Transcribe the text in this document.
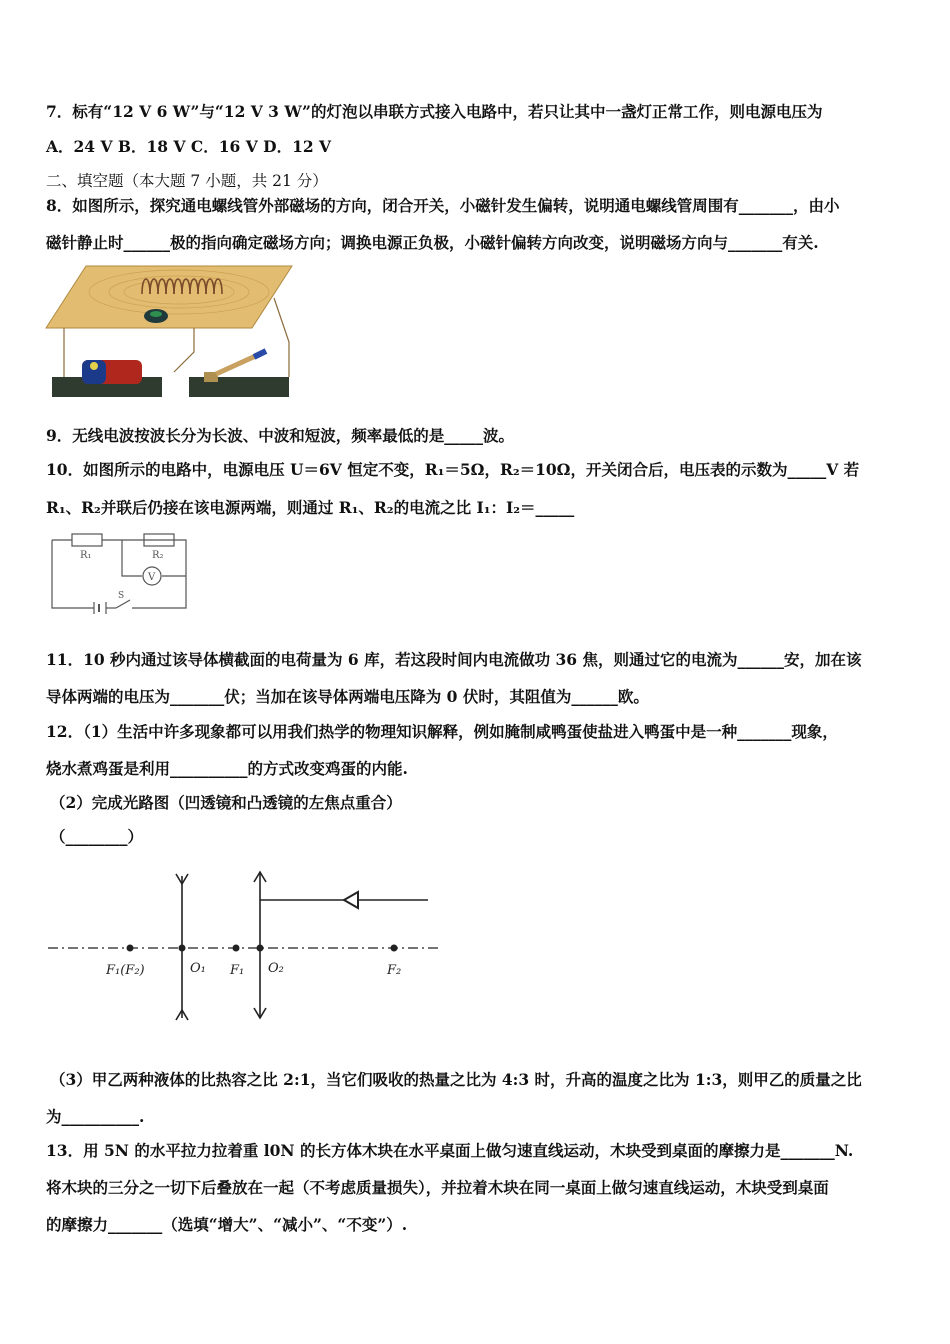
7．标有“12 V 6 W”与“12 V 3 W”的灯泡以串联方式接入电路中，若只让其中一盏灯正常工作，则电源电压为
A．24 V B．18 V C．16 V D．12 V
二、填空题（本大题 7 小题，共 21 分）
8．如图所示，探究通电螺线管外部磁场的方向，闭合开关，小磁针发生偏转，说明通电螺线管周围有_______，由小
磁针静止时______极的指向确定磁场方向；调换电源正负极，小磁针偏转方向改变，说明磁场方向与_______有关.
9．无线电波按波长分为长波、中波和短波，频率最低的是_____波。
10．如图所示的电路中，电源电压 U＝6V 恒定不变，R₁＝5Ω，R₂＝10Ω，开关闭合后，电压表的示数为_____V 若
R₁、R₂并联后仍接在该电源两端，则通过 R₁、R₂的电流之比 I₁：I₂＝_____
R₁	R₂
V
S
11．10 秒内通过该导体横截面的电荷量为 6 库，若这段时间内电流做功 36 焦，则通过它的电流为______安，加在该
导体两端的电压为_______伏；当加在该导体两端电压降为 0 伏时，其阻值为______欧。
12．（1）生活中许多现象都可以用我们热学的物理知识解释，例如腌制咸鸭蛋使盐进入鸭蛋中是一种_______现象，
烧水煮鸡蛋是利用__________的方式改变鸡蛋的内能.
（2）完成光路图（凹透镜和凸透镜的左焦点重合）
（________）
F₁(F₂)	O₁ F₁ O₂	F₂
（3）甲乙两种液体的比热容之比 2:1，当它们吸收的热量之比为 4:3 时，升高的温度之比为 1:3，则甲乙的质量之比
为__________.
13．用 5N 的水平拉力拉着重 l0N 的长方体木块在水平桌面上做匀速直线运动，木块受到桌面的摩擦力是_______N.
将木块的三分之一切下后叠放在一起（不考虑质量损失），并拉着木块在同一桌面上做匀速直线运动，木块受到桌面
的摩擦力_______（选填“增大”、“减小”、“不变”）.
